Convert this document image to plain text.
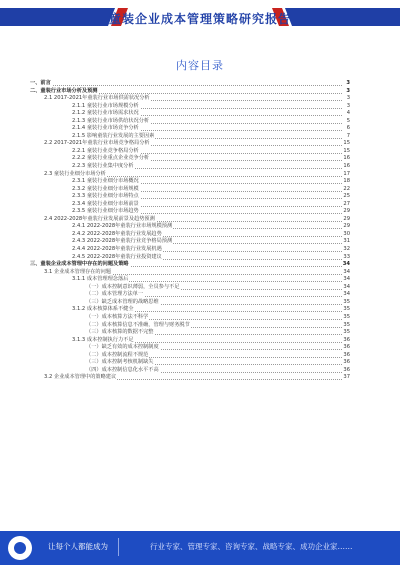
童装企业成本管理策略研究报告
内容目录
一、前言	3
二、童装行业市场分析及预测	3
2.1 2017-2021年童装行业市场供需状况分析	3
2.1.1 童装行业市场规模分析	3
2.1.2 童装行业市场需求状况	4
2.1.3 童装行业市场供给状况分析	5
2.1.4 童装行业市场竞争分析	6
2.1.5 影响童装行业发展的主要因素	7
2.2 2017-2021年童装行业市场竞争格局分析	15
2.2.1 童装行业竞争格局分析	15
2.2.2 童装行业重点企业竞争分析	16
2.2.3 童装行业集中度分析	16
2.3 童装行业细分市场分析	17
2.3.1 童装行业细分市场概况	18
2.3.2 童装行业细分市场规模	22
2.3.3 童装行业细分市场特点	25
2.3.4 童装行业细分市场前景	27
2.3.5 童装行业细分市场趋势	29
2.4 2022-2028年童装行业发展前景及趋势预测	29
2.4.1 2022-2028年童装行业市场规模预测	29
2.4.2 2022-2028年童装行业发展趋势	30
2.4.3 2022-2028年童装行业竞争格局预测	31
2.4.4 2022-2028年童装行业发展机遇	32
2.4.5 2022-2028年童装行业投资建议	33
三、童装企业成本管理中存在的问题及策略	34
3.1 企业成本管理存在的问题	34
3.1.1 成本管理理念落后	34
（一）成本控制意识薄弱，全员参与不足	34
（二）成本管理方法单一	34
（三）缺乏成本管理的战略思维	35
3.1.2 成本核算体系不健全	35
（一）成本核算方法不科学	35
（二）成本核算信息不准确，管理与财务脱节	35
（三）成本核算的数据不完整	35
3.1.3 成本控制执行力不足	36
（一）缺乏有效的成本控制制度	36
（二）成本控制流程不规范	36
（三）成本控制考核机制缺失	36
（四）成本控制信息化水平不高	36
3.2 企业成本管理中的策略建议	37
让每个人都能成为	行业专家、管理专家、咨询专家、战略专家、成功企业家……
